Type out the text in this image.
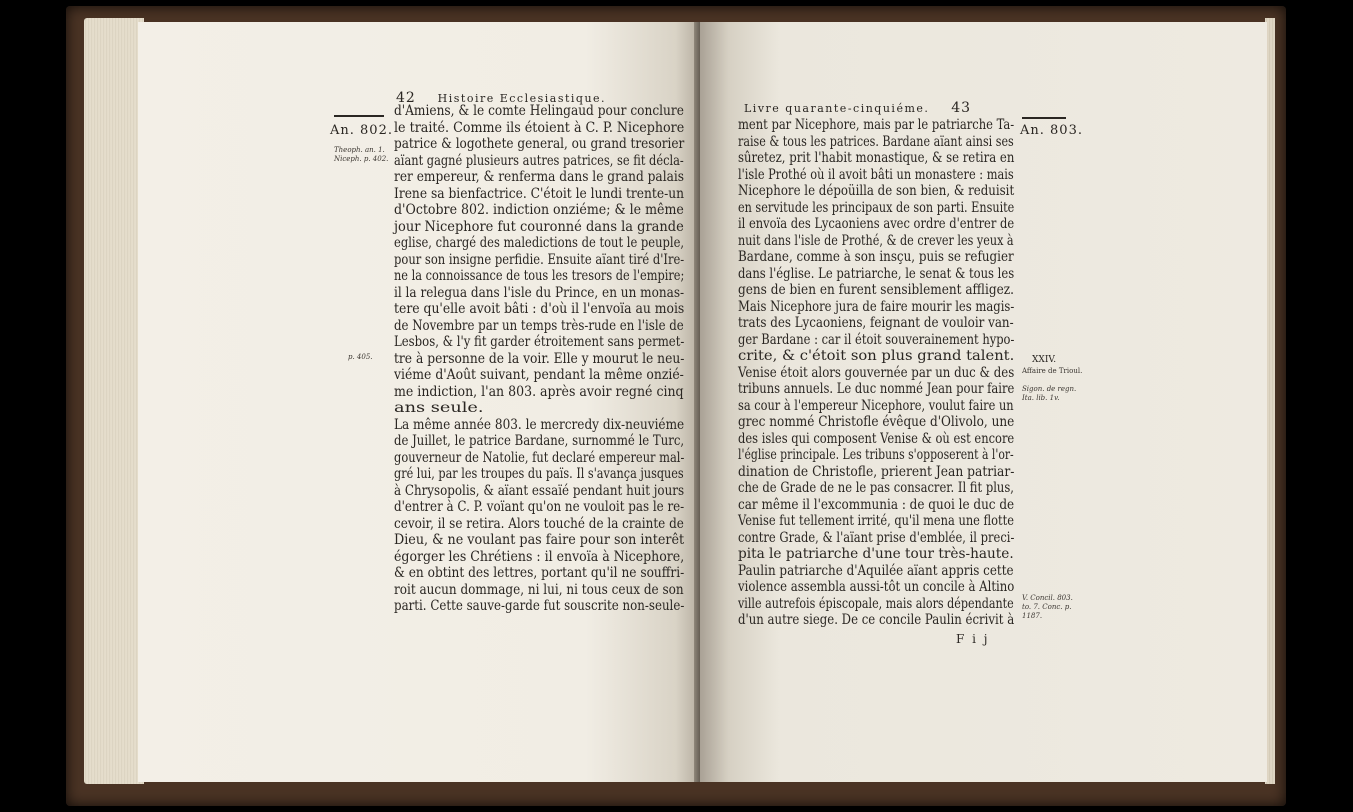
42 Histoire Ecclesiastique.
An. 802.
Theoph. an. 1.
Niceph. p. 402.
p. 405.
d'Amiens, & le comte Helingaud pour conclure
le traité. Comme ils étoient à C. P. Nicephore
patrice & logothete general, ou grand tresorier
aïant gagné plusieurs autres patrices, se fit décla-
rer empereur, & renferma dans le grand palais
Irene sa bienfactrice. C'étoit le lundi trente-un
d'Octobre 802. indiction onziéme; & le même
jour Nicephore fut couronné dans la grande
eglise, chargé des maledictions de tout le peuple,
pour son insigne perfidie. Ensuite aïant tiré d'Ire-
ne la connoissance de tous les tresors de l'empire;
il la relegua dans l'isle du Prince, en un monas-
tere qu'elle avoit bâti : d'où il l'envoïa au mois
de Novembre par un temps très-rude en l'isle de
Lesbos, & l'y fit garder étroitement sans permet-
tre à personne de la voir. Elle y mourut le neu-
viéme d'Août suivant, pendant la même onzié-
me indiction, l'an 803. après avoir regné cinq
ans seule.
La même année 803. le mercredy dix-neuviéme
de Juillet, le patrice Bardane, surnommé le Turc,
gouverneur de Natolie, fut declaré empereur mal-
gré lui, par les troupes du païs. Il s'avança jusques
à Chrysopolis, & aïant essaïé pendant huit jours
d'entrer à C. P. voïant qu'on ne vouloit pas le re-
cevoir, il se retira. Alors touché de la crainte de
Dieu, & ne voulant pas faire pour son interêt
égorger les Chrétiens : il envoïa à Nicephore,
& en obtint des lettres, portant qu'il ne souffri-
roit aucun dommage, ni lui, ni tous ceux de son
parti. Cette sauve-garde fut souscrite non-seule-
Livre quarante-cinquiéme. 43
An. 803.
XXIV.
Affaire de Trioul.
Sigon. de regn.
Ita. lib. 1v.
V. Concil. 803.
to. 7. Conc. p.
1187.
ment par Nicephore, mais par le patriarche Ta-
raise & tous les patrices. Bardane aïant ainsi ses
sûretez, prit l'habit monastique, & se retira en
l'isle Prothé où il avoit bâti un monastere : mais
Nicephore le dépoüilla de son bien, & reduisit
en servitude les principaux de son parti. Ensuite
il envoïa des Lycaoniens avec ordre d'entrer de
nuit dans l'isle de Prothé, & de crever les yeux à
Bardane, comme à son insçu, puis se refugier
dans l'église. Le patriarche, le senat & tous les
gens de bien en furent sensiblement affligez.
Mais Nicephore jura de faire mourir les magis-
trats des Lycaoniens, feignant de vouloir van-
ger Bardane : car il étoit souverainement hypo-
crite, & c'étoit son plus grand talent.
Venise étoit alors gouvernée par un duc & des
tribuns annuels. Le duc nommé Jean pour faire
sa cour à l'empereur Nicephore, voulut faire un
grec nommé Christofle évêque d'Olivolo, une
des isles qui composent Venise & où est encore
l'église principale. Les tribuns s'opposerent à l'or-
dination de Christofle, prierent Jean patriar-
che de Grade de ne le pas consacrer. Il fit plus,
car même il l'excommunia : de quoi le duc de
Venise fut tellement irrité, qu'il mena une flotte
contre Grade, & l'aïant prise d'emblée, il preci-
pita le patriarche d'une tour très-haute.
Paulin patriarche d'Aquilée aïant appris cette
violence assembla aussi-tôt un concile à Altino
ville autrefois épiscopale, mais alors dépendante
d'un autre siege. De ce concile Paulin écrivit à
F i j
